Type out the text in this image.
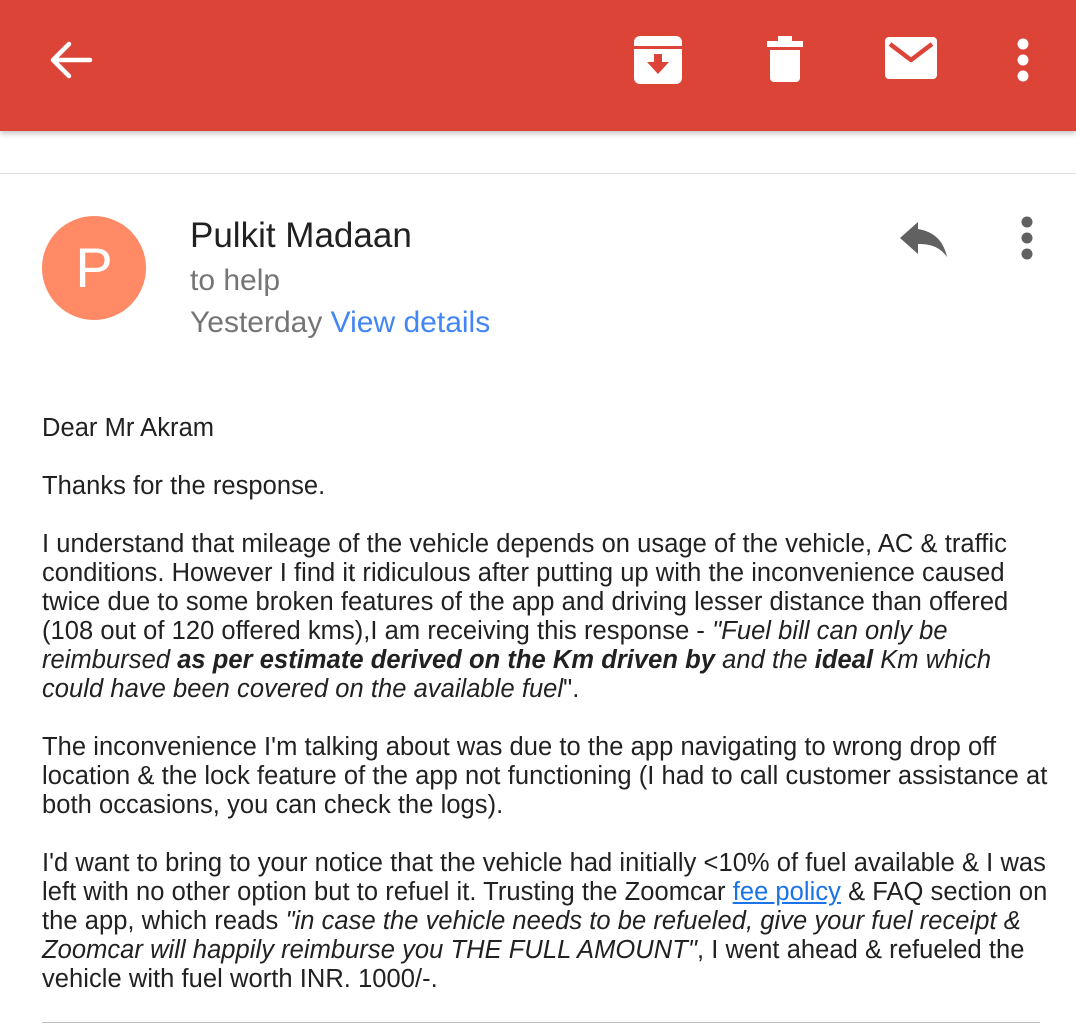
P
Pulkit Madaan
to help
Yesterday View details

Dear Mr Akram

Thanks for the response.

I understand that mileage of the vehicle depends on usage of the vehicle, AC & traffic conditions. However I find it ridiculous after putting up with the inconvenience caused twice due to some broken features of the app and driving lesser distance than offered (108 out of 120 offered kms),I am receiving this response - "Fuel bill can only be reimbursed as per estimate derived on the Km driven by and the ideal Km which could have been covered on the available fuel".

The inconvenience I'm talking about was due to the app navigating to wrong drop off location & the lock feature of the app not functioning (I had to call customer assistance at both occasions, you can check the logs).

I'd want to bring to your notice that the vehicle had initially <10% of fuel available & I was left with no other option but to refuel it. Trusting the Zoomcar fee policy & FAQ section on the app, which reads "in case the vehicle needs to be refueled, give your fuel receipt & Zoomcar will happily reimburse you THE FULL AMOUNT", I went ahead & refueled the vehicle with fuel worth INR. 1000/-.
